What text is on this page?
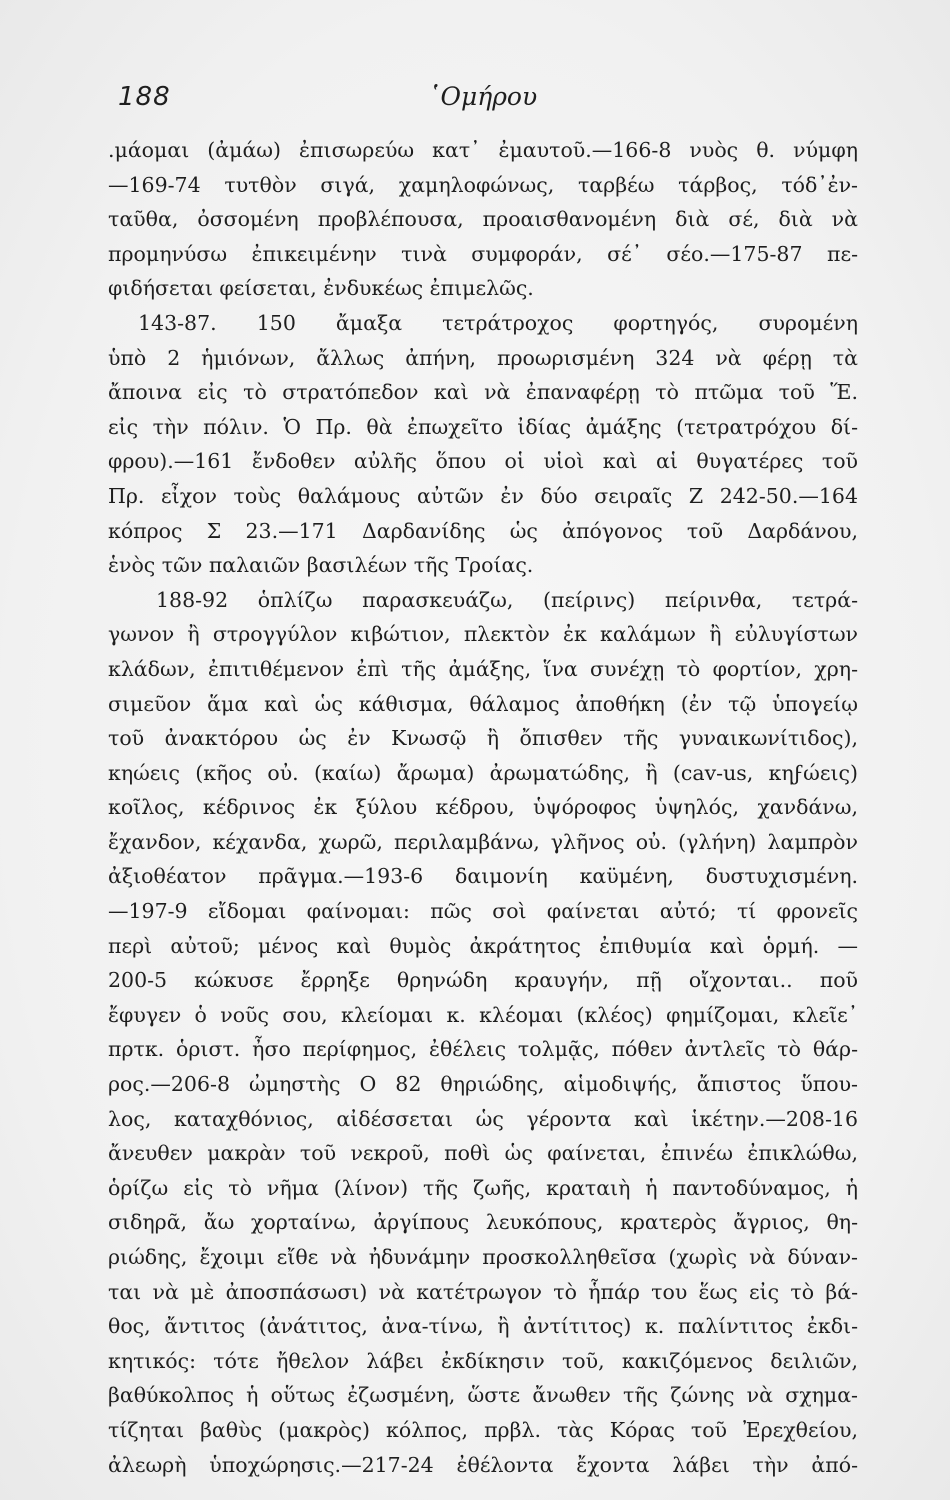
188	῾Ομήρου
.μάομαι (ἀμάω) ἐπισωρεύω κατ᾽ ἐμαυτοῦ.—166-8 νυὸς θ. νύμφη
—169-74 τυτθὸν σιγά, χαμηλοφώνως, ταρβέω τάρβος, τόδ᾽ἐν-
ταῦθα, ὀσσομένη προβλέπουσα, προαισθανομένη διὰ σέ, διὰ νὰ
προμηνύσω ἐπικειμένην τινὰ συμφοράν, σέ᾽ σέο.—175-87 πε-
φιδήσεται φείσεται, ἐνδυκέως ἐπιμελῶς.
143-87. 150 ἄμαξα τετράτροχος φορτηγός, συρομένη
ὑπὸ 2 ἡμιόνων, ἄλλως ἀπήνη, προωρισμένη 324 νὰ φέρῃ τὰ
ἄποινα εἰς τὸ στρατόπεδον καὶ νὰ ἐπαναφέρῃ τὸ πτῶμα τοῦ Ἕ.
εἰς τὴν πόλιν. Ὁ Πρ. θὰ ἐπωχεῖτο ἰδίας ἀμάξης (τετρατρόχου δί-
φρου).—161 ἔνδοθεν αὐλῆς ὅπου οἱ υἱοὶ καὶ αἱ θυγατέρες τοῦ
Πρ. εἶχον τοὺς θαλάμους αὐτῶν ἐν δύο σειραῖς Ζ 242-50.—164
κόπρος Σ 23.—171 Δαρδανίδης ὡς ἀπόγονος τοῦ Δαρδάνου,
ἑνὸς τῶν παλαιῶν βασιλέων τῆς Τροίας.
188-92 ὁπλίζω παρασκευάζω, (πείρινς) πείρινθα, τετρά-
γωνον ἢ στρογγύλον κιβώτιον, πλεκτὸν ἐκ καλάμων ἢ εὐλυγίστων
κλάδων, ἐπιτιθέμενον ἐπὶ τῆς ἀμάξης, ἵνα συνέχῃ τὸ φορτίον, χρη-
σιμεῦον ἅμα καὶ ὡς κάθισμα, θάλαμος ἀποθήκη (ἐν τῷ ὑπογείῳ
τοῦ ἀνακτόρου ὡς ἐν Κνωσῷ ἢ ὄπισθεν τῆς γυναικωνίτιδος),
κηώεις (κῆος οὐ. (καίω) ἄρωμα) ἀρωματώδης, ἢ (cav-us, κηϝώεις)
κοῖλος, κέδρινος ἐκ ξύλου κέδρου, ὑψόροφος ὑψηλός, χανδάνω,
ἔχανδον, κέχανδα, χωρῶ, περιλαμβάνω, γλῆνος οὐ. (γλήνη) λαμπρὸν
ἀξιοθέατον πρᾶγμα.—193-6 δαιμονίη καϋμένη, δυστυχισμένη.
—197-9 εἴδομαι φαίνομαι: πῶς σοὶ φαίνεται αὐτό; τί φρονεῖς
περὶ αὐτοῦ; μένος καὶ θυμὸς ἀκράτητος ἐπιθυμία καὶ ὁρμή. —
200-5 κώκυσε ἔρρηξε θρηνώδη κραυγήν, πῇ οἴχονται.. ποῦ
ἔφυγεν ὁ νοῦς σου, κλείομαι κ. κλέομαι (κλέος) φημίζομαι, κλεῖε᾽
πρτκ. ὁριστ. ἦσο περίφημος, ἐθέλεις τολμᾷς, πόθεν ἀντλεῖς τὸ θάρ-
ρος.—206-8 ὠμηστὴς Ο 82 θηριώδης, αἱμοδιψής, ἄπιστος ὕπου-
λος, καταχθόνιος, αἰδέσσεται ὡς γέροντα καὶ ἱκέτην.—208-16
ἄνευθεν μακρὰν τοῦ νεκροῦ, ποθὶ ὡς φαίνεται, ἐπινέω ἐπικλώθω,
ὁρίζω εἰς τὸ νῆμα (λίνον) τῆς ζωῆς, κραταιὴ ἡ παντοδύναμος, ἡ
σιδηρᾶ, ἄω χορταίνω, ἀργίπους λευκόπους, κρατερὸς ἄγριος, θη-
ριώδης, ἔχοιμι εἴθε νὰ ἠδυνάμην προσκολληθεῖσα (χωρὶς νὰ δύναν-
ται νὰ μὲ ἀποσπάσωσι) νὰ κατέτρωγον τὸ ἧπάρ του ἕως εἰς τὸ βά-
θος, ἄντιτος (ἀνάτιτος, ἀνα-τίνω, ἢ ἀντίτιτος) κ. παλίντιτος ἐκδι-
κητικός: τότε ἤθελον λάβει ἐκδίκησιν τοῦ, κακιζόμενος δειλιῶν,
βαθύκολπος ἡ οὕτως ἐζωσμένη, ὥστε ἄνωθεν τῆς ζώνης νὰ σχημα-
τίζηται βαθὺς (μακρὸς) κόλπος, πρβλ. τὰς Κόρας τοῦ Ἐρεχθείου,
ἀλεωρὴ ὑποχώρησις.—217-24 ἐθέλοντα ἔχοντα λάβει τὴν ἀπό-
